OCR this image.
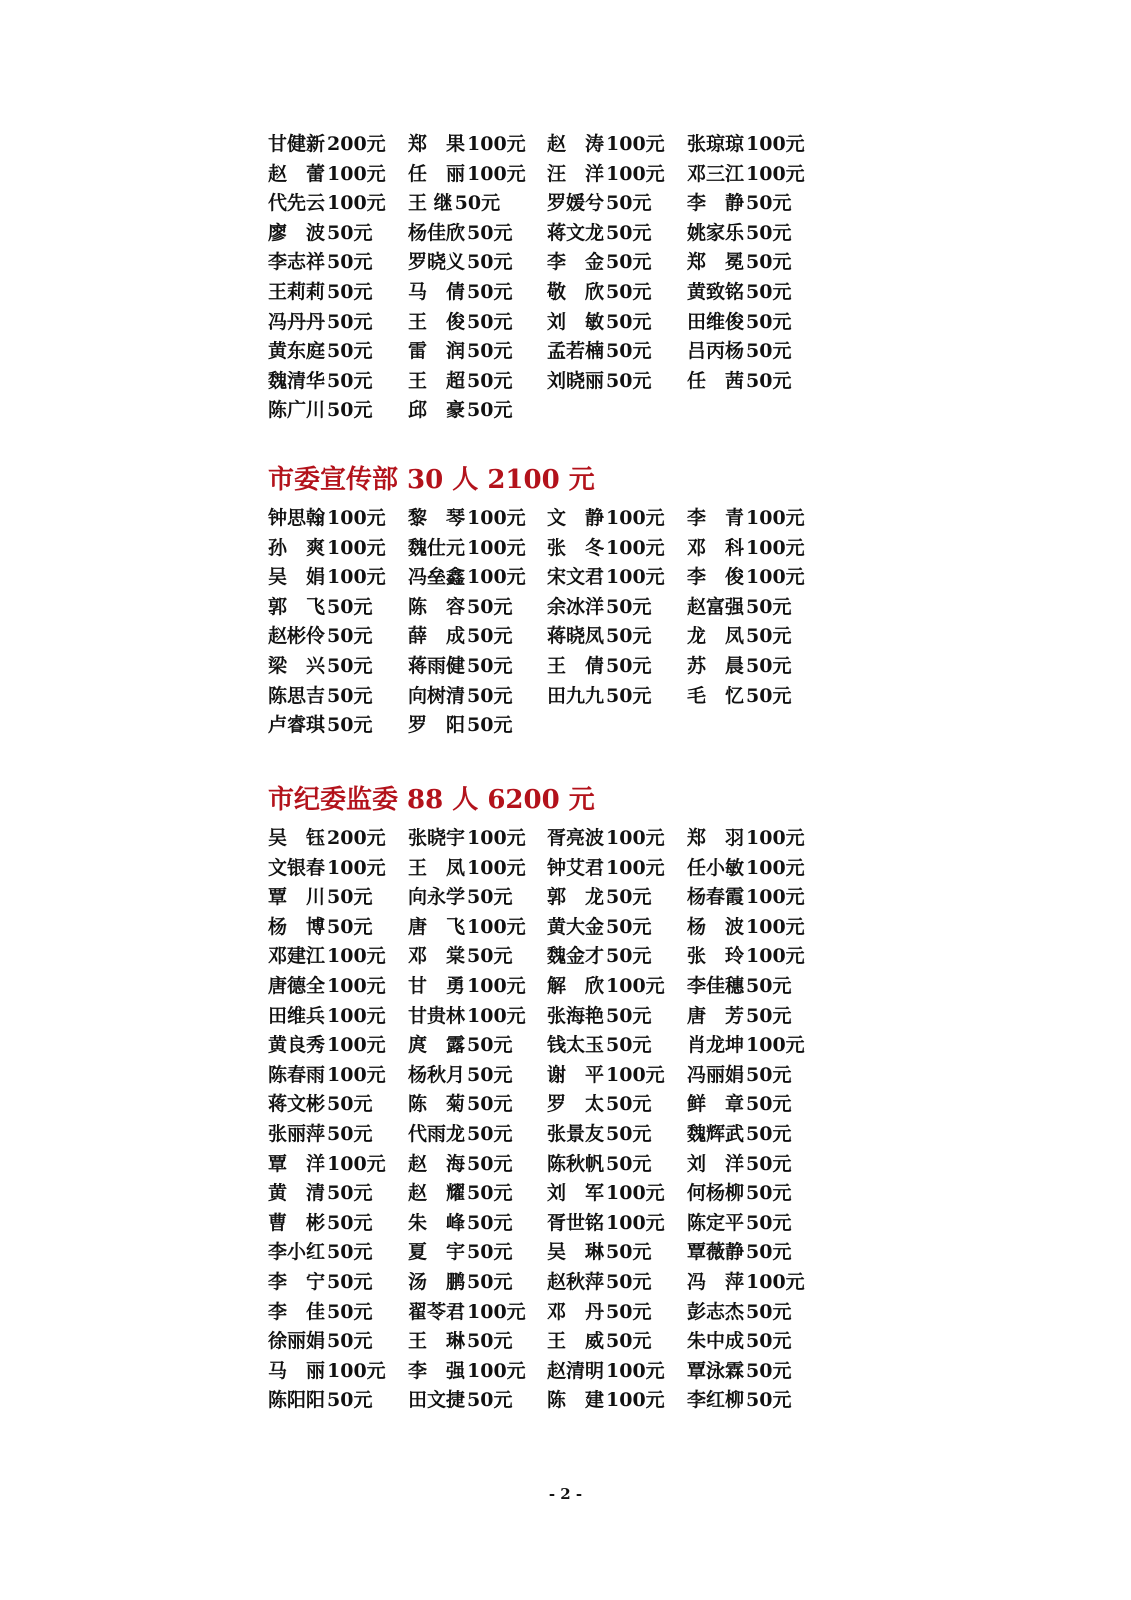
甘健新 200元	郑　果 100元	赵　涛 100元	张琼琼 100元
赵　蕾 100元	任　丽 100元	汪　洋 100元	邓三江 100元
代先云 100元	王 继 50元	罗媛兮 50元	李　静 50元
廖　波 50元	杨佳欣 50元	蒋文龙 50元	姚家乐 50元
李志祥 50元	罗晓义 50元	李　金 50元	郑　冕 50元
王莉莉 50元	马　倩 50元	敬　欣 50元	黄致铭 50元
冯丹丹 50元	王　俊 50元	刘　敏 50元	田维俊 50元
黄东庭 50元	雷　润 50元	孟若楠 50元	吕丙杨 50元
魏清华 50元	王　超 50元	刘晓丽 50元	任　茜 50元
陈广川 50元	邱　豪 50元
市委宣传部 30 人 2100 元
钟思翰 100元	黎　琴 100元	文　静 100元	李　青 100元
孙　爽 100元	魏仕元 100元	张　冬 100元	邓　科 100元
吴　娟 100元	冯垒鑫 100元	宋文君 100元	李　俊 100元
郭　飞 50元	陈　容 50元	余冰洋 50元	赵富强 50元
赵彬伶 50元	薛　成 50元	蒋晓凤 50元	龙　凤 50元
梁　兴 50元	蒋雨健 50元	王　倩 50元	苏　晨 50元
陈思吉 50元	向树清 50元	田九九 50元	毛　忆 50元
卢睿琪 50元	罗　阳 50元
市纪委监委 88 人 6200 元
吴　钰 200元	张晓宇 100元	胥亮波 100元	郑　羽 100元
文银春 100元	王　凤 100元	钟艾君 100元	任小敏 100元
覃　川 50元	向永学 50元	郭　龙 50元	杨春霞 100元
杨　博 50元	唐　飞 100元	黄大金 50元	杨　波 100元
邓建江 100元	邓　棠 50元	魏金才 50元	张　玲 100元
唐德全 100元	甘　勇 100元	解　欣 100元	李佳穗 50元
田维兵 100元	甘贵林 100元	张海艳 50元	唐　芳 50元
黄良秀 100元	庹　露 50元	钱太玉 50元	肖龙坤 100元
陈春雨 100元	杨秋月 50元	谢　平 100元	冯丽娟 50元
蒋文彬 50元	陈　菊 50元	罗　太 50元	鲜　章 50元
张丽萍 50元	代雨龙 50元	张景友 50元	魏辉武 50元
覃　洋 100元	赵　海 50元	陈秋帆 50元	刘　洋 50元
黄　清 50元	赵　耀 50元	刘　军 100元	何杨柳 50元
曹　彬 50元	朱　峰 50元	胥世铭 100元	陈定平 50元
李小红 50元	夏　宇 50元	吴　琳 50元	覃薇静 50元
李　宁 50元	汤　鹏 50元	赵秋萍 50元	冯　萍 100元
李　佳 50元	翟苓君 100元	邓　丹 50元	彭志杰 50元
徐丽娟 50元	王　琳 50元	王　威 50元	朱中成 50元
马　丽 100元	李　强 100元	赵清明 100元	覃泳霖 50元
陈阳阳 50元	田文捷 50元	陈　建 100元	李红柳 50元
- 2 -
